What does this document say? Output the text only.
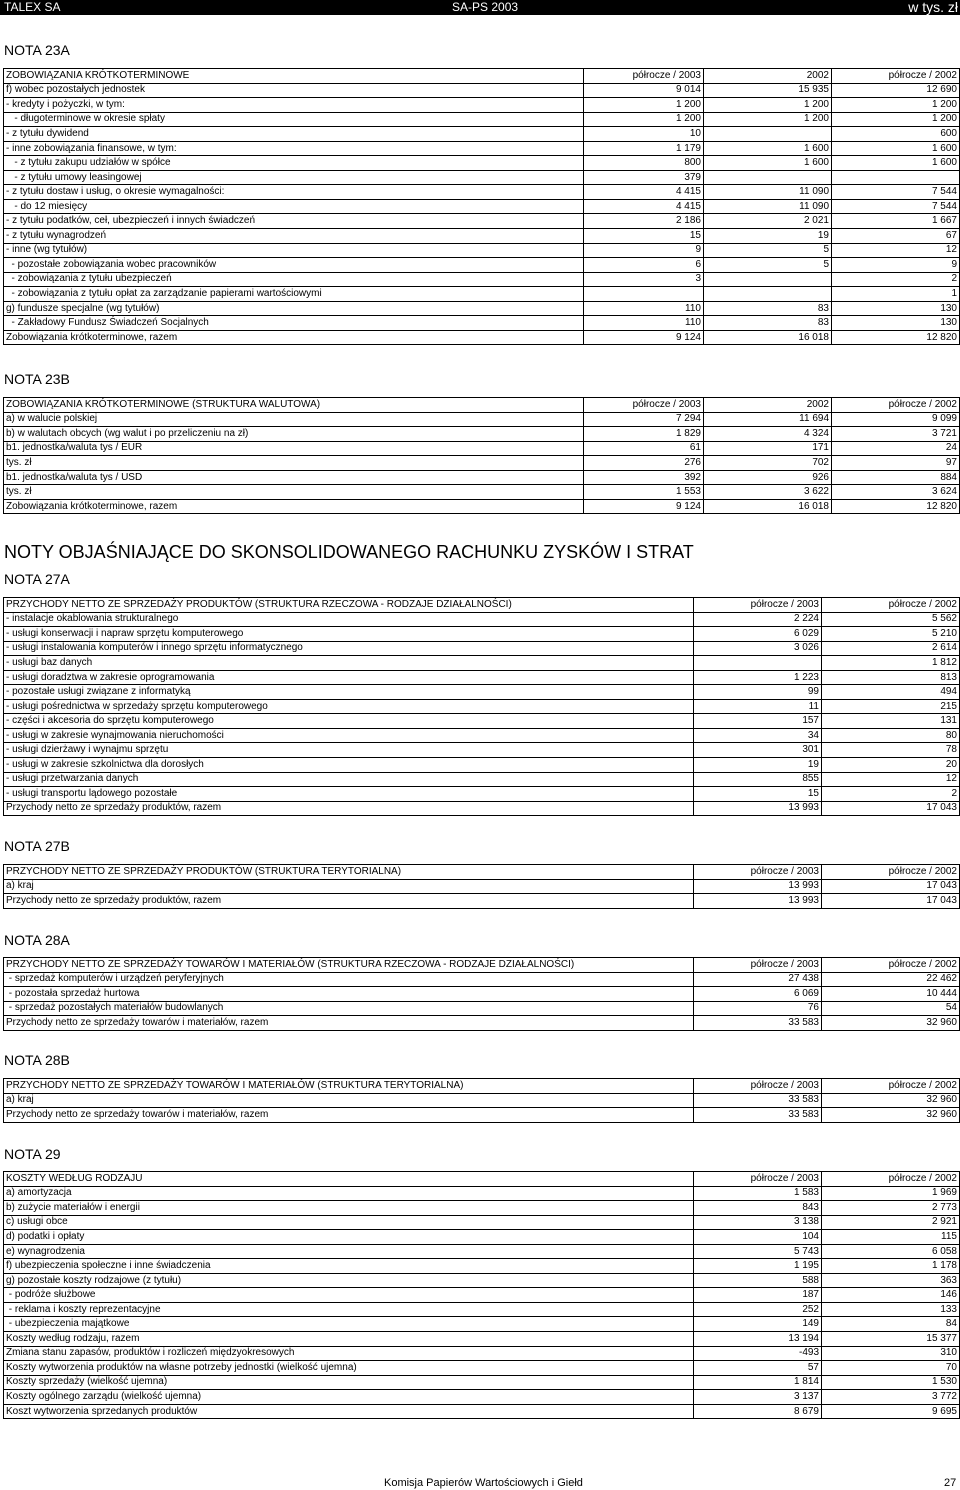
TALEX SA	SA-PS 2003	w tys. zł
NOTY OBJAŚNIAJĄCE DO SKONSOLIDOWANEGO RACHUNKU ZYSKÓW I STRAT
NOTA 23A
ZOBOWIĄZANIA KRÓTKOTERMINOWE	półrocze / 2003	2002	półrocze / 2002
f) wobec pozostałych jednostek	9 014	15 935	12 690
- kredyty i pożyczki, w tym:	1 200	1 200	1 200
- długoterminowe w okresie spłaty	1 200	1 200	1 200
- z tytułu dywidend	10		600
- inne zobowiązania finansowe, w tym:	1 179	1 600	1 600
- z tytułu zakupu udziałów w spółce	800	1 600	1 600
- z tytułu umowy leasingowej	379		
- z tytułu dostaw i usług, o okresie wymagalności:	4 415	11 090	7 544
- do 12 miesięcy	4 415	11 090	7 544
- z tytułu podatków, ceł, ubezpieczeń i innych świadczeń	2 186	2 021	1 667
- z tytułu wynagrodzeń	15	19	67
- inne (wg tytułów)	9	5	12
- pozostałe zobowiązania wobec pracowników	6	5	9
- zobowiązania z tytułu ubezpieczeń	3		2
- zobowiązania z tytułu opłat za zarządzanie papierami wartościowymi			1
g) fundusze specjalne (wg tytułów)	110	83	130
- Zakładowy Fundusz Świadczeń Socjalnych	110	83	130
Zobowiązania krótkoterminowe, razem	9 124	16 018	12 820
NOTA 23B
ZOBOWIĄZANIA KRÓTKOTERMINOWE (STRUKTURA WALUTOWA)	półrocze / 2003	2002	półrocze / 2002
a) w walucie polskiej	7 294	11 694	9 099
b) w walutach obcych (wg walut i po przeliczeniu na zł)	1 829	4 324	3 721
b1. jednostka/waluta tys / EUR	61	171	24
tys. zł	276	702	97
b1. jednostka/waluta tys / USD	392	926	884
tys. zł	1 553	3 622	3 624
Zobowiązania krótkoterminowe, razem	9 124	16 018	12 820
NOTA 27A
PRZYCHODY NETTO ZE SPRZEDAŻY PRODUKTÓW (STRUKTURA RZECZOWA - RODZAJE DZIAŁALNOŚCI)	półrocze / 2003	półrocze / 2002
- instalacje okablowania strukturalnego	2 224	5 562
- usługi konserwacji i napraw sprzętu komputerowego	6 029	5 210
- usługi instalowania komputerów i innego sprzętu informatycznego	3 026	2 614
- usługi baz danych		1 812
- usługi doradztwa w zakresie oprogramowania	1 223	813
- pozostałe usługi związane z informatyką	99	494
- usługi pośrednictwa w sprzedaży sprzętu komputerowego	11	215
- części i akcesoria do sprzętu komputerowego	157	131
- usługi w zakresie wynajmowania nieruchomości	34	80
- usługi dzierżawy i wynajmu sprzętu	301	78
- usługi w zakresie szkolnictwa dla dorosłych	19	20
- usługi przetwarzania danych	855	12
- usługi transportu lądowego pozostałe	15	2
Przychody netto ze sprzedaży produktów, razem	13 993	17 043
NOTA 27B
PRZYCHODY NETTO ZE SPRZEDAŻY PRODUKTÓW (STRUKTURA TERYTORIALNA)	półrocze / 2003	półrocze / 2002
a) kraj	13 993	17 043
Przychody netto ze sprzedaży produktów, razem	13 993	17 043
NOTA 28A
PRZYCHODY NETTO ZE SPRZEDAŻY TOWARÓW I MATERIAŁÓW (STRUKTURA RZECZOWA - RODZAJE DZIAŁALNOŚCI)	półrocze / 2003	półrocze / 2002
- sprzedaż komputerów i urządzeń peryferyjnych	27 438	22 462
- pozostała sprzedaż hurtowa	6 069	10 444
- sprzedaż pozostałych materiałów budowlanych	76	54
Przychody netto ze sprzedaży towarów i materiałów, razem	33 583	32 960
NOTA 28B
PRZYCHODY NETTO ZE SPRZEDAŻY TOWARÓW I MATERIAŁÓW (STRUKTURA TERYTORIALNA)	półrocze / 2003	półrocze / 2002
a) kraj	33 583	32 960
Przychody netto ze sprzedaży towarów i materiałów, razem	33 583	32 960
NOTA 29
KOSZTY WEDŁUG RODZAJU	półrocze / 2003	półrocze / 2002
a) amortyzacja	1 583	1 969
b) zużycie materiałów i energii	843	2 773
c) usługi obce	3 138	2 921
d) podatki i opłaty	104	115
e) wynagrodzenia	5 743	6 058
f) ubezpieczenia społeczne i inne świadczenia	1 195	1 178
g) pozostałe koszty rodzajowe (z tytułu)	588	363
- podróże służbowe	187	146
- reklama i koszty reprezentacyjne	252	133
- ubezpieczenia majątkowe	149	84
Koszty według rodzaju, razem	13 194	15 377
Zmiana stanu zapasów, produktów i rozliczeń międzyokresowych	-493	310
Koszty wytworzenia produktów na własne potrzeby jednostki (wielkość ujemna)	57	70
Koszty sprzedaży (wielkość ujemna)	1 814	1 530
Koszty ogólnego zarządu (wielkość ujemna)	3 137	3 772
Koszt wytworzenia sprzedanych produktów	8 679	9 695
Komisja Papierów Wartościowych i Giełd	27
